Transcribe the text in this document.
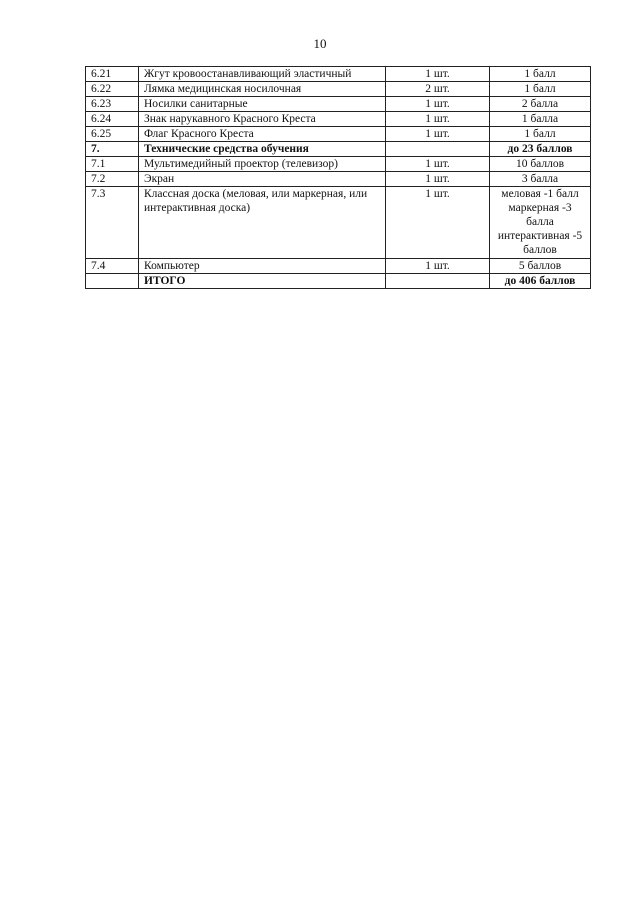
10
6.21	Жгут кровоостанавливающий эластичный	1 шт.	1 балл
6.22	Лямка медицинская носилочная	2 шт.	1 балл
6.23	Носилки санитарные	1 шт.	2 балла
6.24	Знак нарукавного Красного Креста	1 шт.	1 балла
6.25	Флаг Красного Креста	1 шт.	1 балл
7.	Технические средства обучения		до 23 баллов
7.1	Мультимедийный проектор (телевизор)	1 шт.	10 баллов
7.2	Экран	1 шт.	3 балла
7.3	Классная доска (меловая, или маркерная, или интерактивная доска)	1 шт.	меловая -1 балл маркерная -3 балла интерактивная -5 баллов
7.4	Компьютер	1 шт.	5 баллов
	ИТОГО		до 406 баллов
